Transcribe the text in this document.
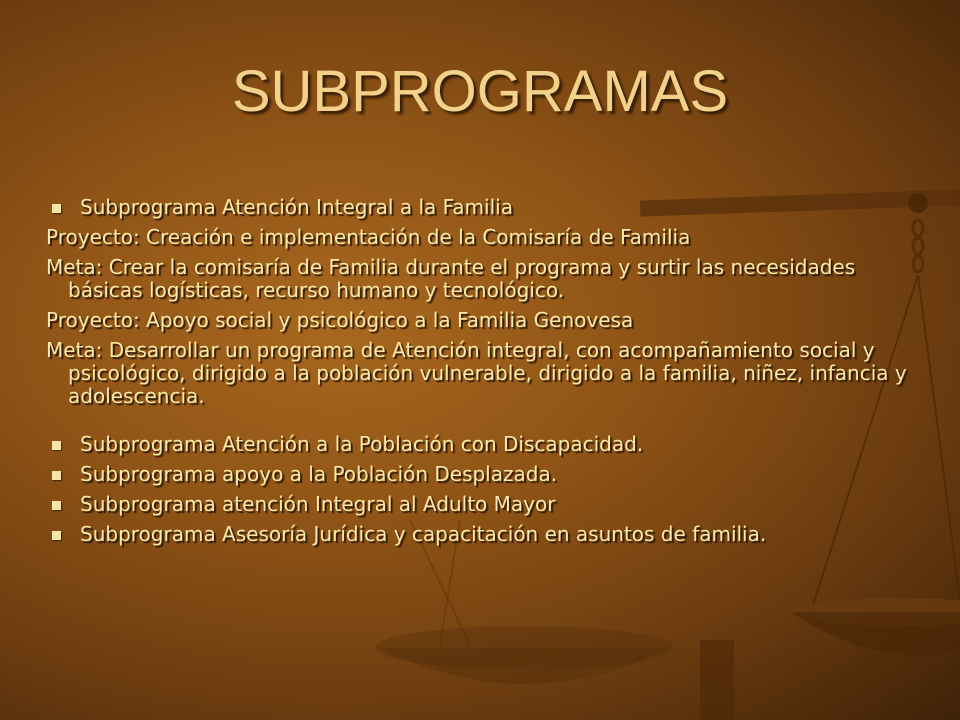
SUBPROGRAMAS
Subprograma Atención Integral a la Familia
Proyecto: Creación e implementación de la Comisaría de Familia
Meta: Crear la comisaría de Familia durante el programa y surtir las necesidades básicas logísticas, recurso humano y tecnológico.
Proyecto: Apoyo social y psicológico a la Familia Genovesa
Meta: Desarrollar un programa de Atención integral, con acompañamiento social y psicológico, dirigido a la población vulnerable, dirigido a la familia, niñez, infancia y adolescencia.
Subprograma Atención a la Población con Discapacidad.
Subprograma apoyo a la Población Desplazada.
Subprograma atención Integral al Adulto Mayor
Subprograma Asesoría Jurídica y capacitación en asuntos de familia.
